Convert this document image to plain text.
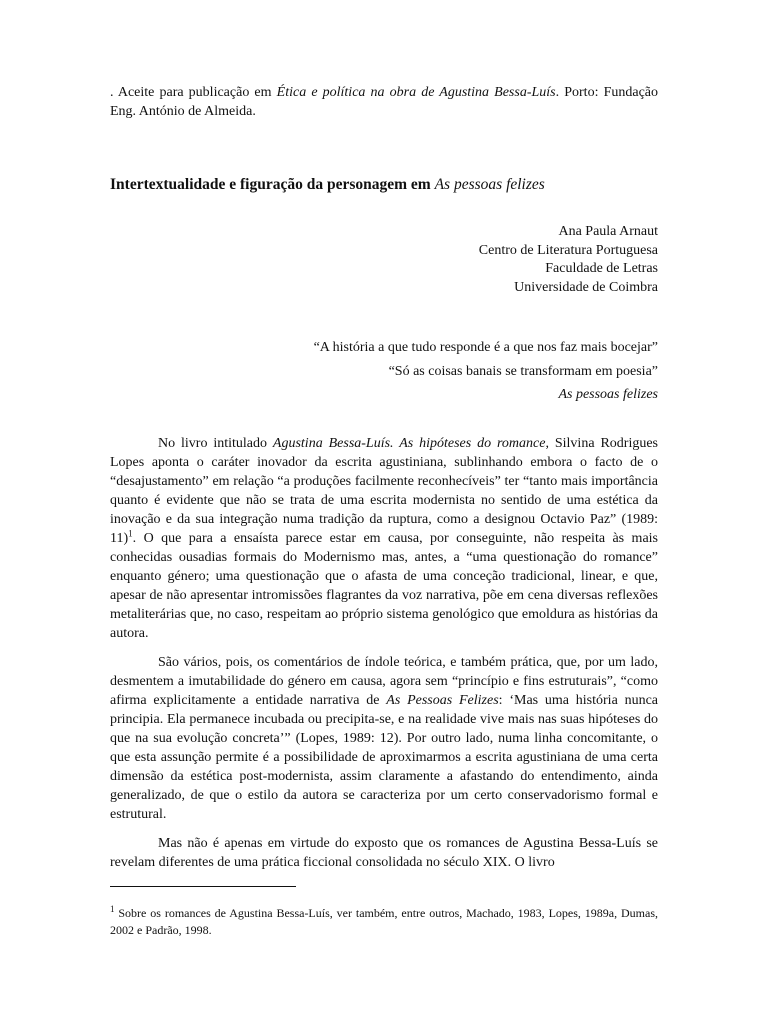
. Aceite para publicação em Ética e política na obra de Agustina Bessa-Luís. Porto: Fundação Eng. António de Almeida.
Intertextualidade e figuração da personagem em As pessoas felizes
Ana Paula Arnaut
Centro de Literatura Portuguesa
Faculdade de Letras
Universidade de Coimbra
“A história a que tudo responde é a que nos faz mais bocejar”
“Só as coisas banais se transformam em poesia”
As pessoas felizes
No livro intitulado Agustina Bessa-Luís. As hipóteses do romance, Silvina Rodrigues Lopes aponta o caráter inovador da escrita agustiniana, sublinhando embora o facto de o “desajustamento” em relação “a produções facilmente reconhecíveis” ter “tanto mais importância quanto é evidente que não se trata de uma escrita modernista no sentido de uma estética da inovação e da sua integração numa tradição da ruptura, como a designou Octavio Paz” (1989: 11)$^1$. O que para a ensaísta parece estar em causa, por conseguinte, não respeita às mais conhecidas ousadias formais do Modernismo mas, antes, a “uma questionação do romance” enquanto género; uma questionação que o afasta de uma conceção tradicional, linear, e que, apesar de não apresentar intromissões flagrantes da voz narrativa, põe em cena diversas reflexões metaliterárias que, no caso, respeitam ao próprio sistema genológico que emoldura as histórias da autora.
São vários, pois, os comentários de índole teórica, e também prática, que, por um lado, desmentem a imutabilidade do género em causa, agora sem “princípio e fins estruturais”, “como afirma explicitamente a entidade narrativa de As Pessoas Felizes: ‘Mas uma história nunca principia. Ela permanece incubada ou precipita-se, e na realidade vive mais nas suas hipóteses do que na sua evolução concreta’” (Lopes, 1989: 12). Por outro lado, numa linha concomitante, o que esta assunção permite é a possibilidade de aproximarmos a escrita agustiniana de uma certa dimensão da estética post-modernista, assim claramente a afastando do entendimento, ainda generalizado, de que o estilo da autora se caracteriza por um certo conservadorismo formal e estrutural.
Mas não é apenas em virtude do exposto que os romances de Agustina Bessa-Luís se revelam diferentes de uma prática ficcional consolidada no século XIX. O livro
$^1$ Sobre os romances de Agustina Bessa-Luís, ver também, entre outros, Machado, 1983, Lopes, 1989a, Dumas, 2002 e Padrão, 1998.
